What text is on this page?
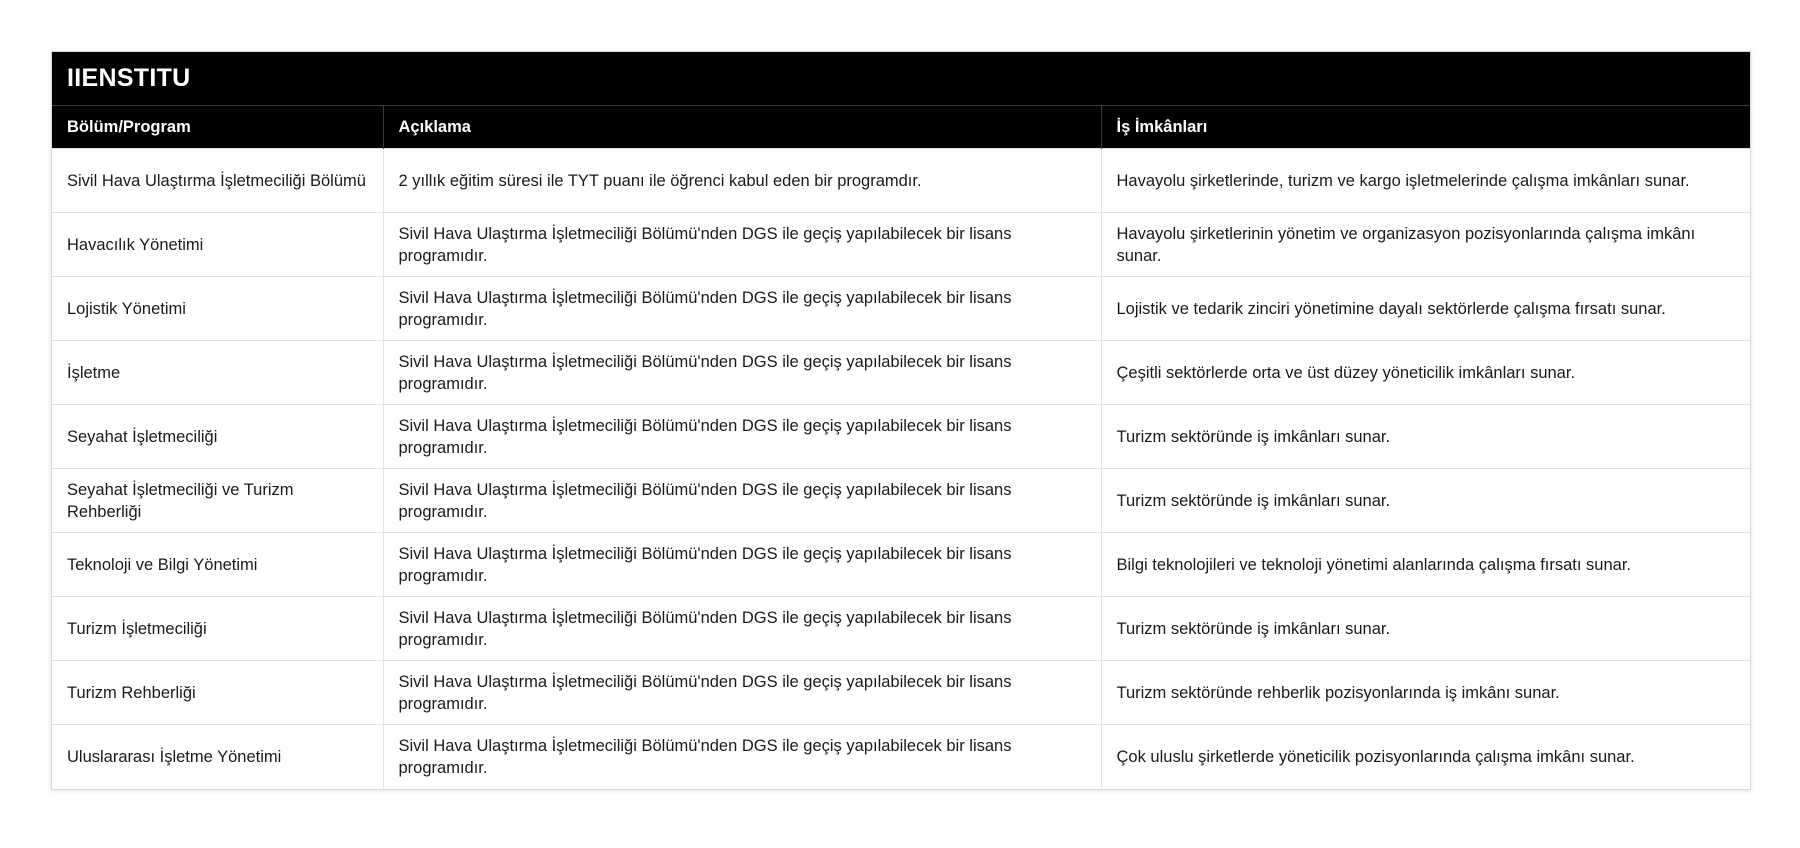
IIENSTITU
Bölüm/Program	Açıklama	İş İmkânları
Sivil Hava Ulaştırma İşletmeciliği Bölümü	2 yıllık eğitim süresi ile TYT puanı ile öğrenci kabul eden bir programdır.	Havayolu şirketlerinde, turizm ve kargo işletmelerinde çalışma imkânları sunar.
Havacılık Yönetimi	Sivil Hava Ulaştırma İşletmeciliği Bölümü'nden DGS ile geçiş yapılabilecek bir lisans programıdır.	Havayolu şirketlerinin yönetim ve organizasyon pozisyonlarında çalışma imkânı sunar.
Lojistik Yönetimi	Sivil Hava Ulaştırma İşletmeciliği Bölümü'nden DGS ile geçiş yapılabilecek bir lisans programıdır.	Lojistik ve tedarik zinciri yönetimine dayalı sektörlerde çalışma fırsatı sunar.
İşletme	Sivil Hava Ulaştırma İşletmeciliği Bölümü'nden DGS ile geçiş yapılabilecek bir lisans programıdır.	Çeşitli sektörlerde orta ve üst düzey yöneticilik imkânları sunar.
Seyahat İşletmeciliği	Sivil Hava Ulaştırma İşletmeciliği Bölümü'nden DGS ile geçiş yapılabilecek bir lisans programıdır.	Turizm sektöründe iş imkânları sunar.
Seyahat İşletmeciliği ve Turizm Rehberliği	Sivil Hava Ulaştırma İşletmeciliği Bölümü'nden DGS ile geçiş yapılabilecek bir lisans programıdır.	Turizm sektöründe iş imkânları sunar.
Teknoloji ve Bilgi Yönetimi	Sivil Hava Ulaştırma İşletmeciliği Bölümü'nden DGS ile geçiş yapılabilecek bir lisans programıdır.	Bilgi teknolojileri ve teknoloji yönetimi alanlarında çalışma fırsatı sunar.
Turizm İşletmeciliği	Sivil Hava Ulaştırma İşletmeciliği Bölümü'nden DGS ile geçiş yapılabilecek bir lisans programıdır.	Turizm sektöründe iş imkânları sunar.
Turizm Rehberliği	Sivil Hava Ulaştırma İşletmeciliği Bölümü'nden DGS ile geçiş yapılabilecek bir lisans programıdır.	Turizm sektöründe rehberlik pozisyonlarında iş imkânı sunar.
Uluslararası İşletme Yönetimi	Sivil Hava Ulaştırma İşletmeciliği Bölümü'nden DGS ile geçiş yapılabilecek bir lisans programıdır.	Çok uluslu şirketlerde yöneticilik pozisyonlarında çalışma imkânı sunar.
